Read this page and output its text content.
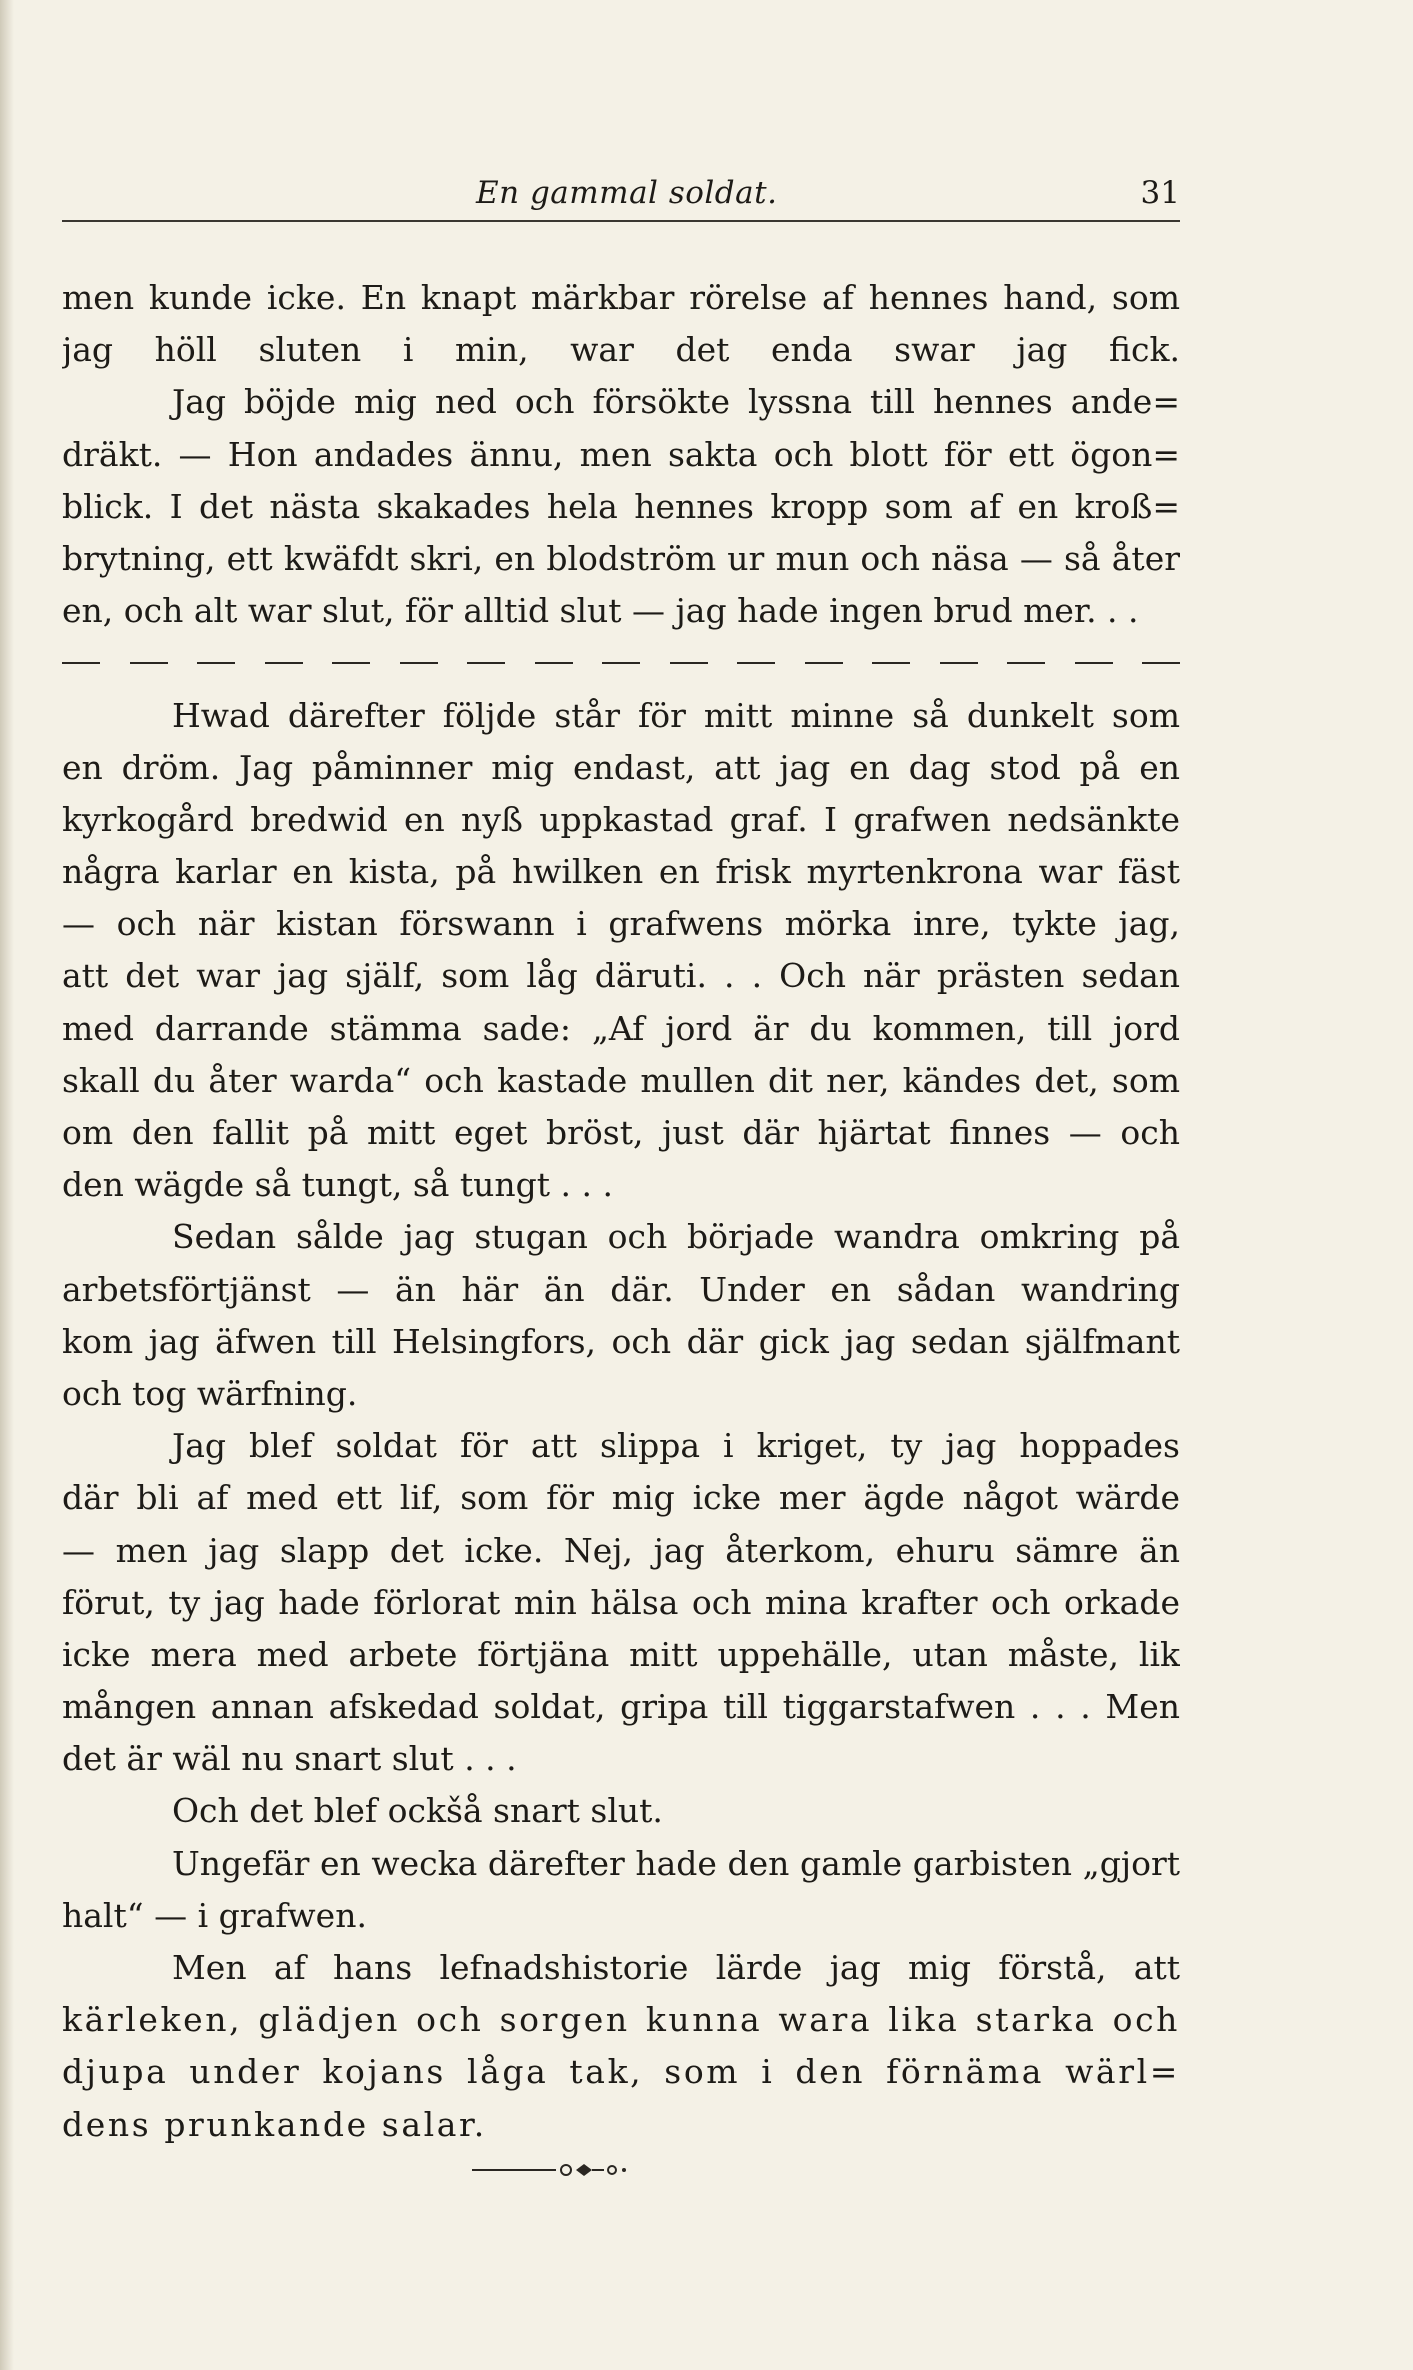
En gammal soldat.	31
men kunde icke. En knapt märkbar rörelse af hennes hand, som
jag höll sluten i min, war det enda swar jag fick.
Jag böjde mig ned och försökte lyssna till hennes ande=
dräkt. — Hon andades ännu, men sakta och blott för ett ögon=
blick. I det nästa skakades hela hennes kropp som af en kroß=
brytning, ett kwäfdt skri, en blodström ur mun och näsa — så åter
en, och alt war slut, för alltid slut — jag hade ingen brud mer. . .
Hwad därefter följde står för mitt minne så dunkelt som
en dröm. Jag påminner mig endast, att jag en dag stod på en
kyrkogård bredwid en nyß uppkastad graf. I grafwen nedsänkte
några karlar en kista, på hwilken en frisk myrtenkrona war fäst
— och när kistan förswann i grafwens mörka inre, tykte jag,
att det war jag själf, som låg däruti. . . Och när prästen sedan
med darrande stämma sade: „Af jord är du kommen, till jord
skall du åter warda“ och kastade mullen dit ner, kändes det, som
om den fallit på mitt eget bröst, just där hjärtat finnes — och
den wägde så tungt, så tungt . . .
Sedan sålde jag stugan och började wandra omkring på
arbetsförtjänst — än här än där. Under en sådan wandring
kom jag äfwen till Helsingfors, och där gick jag sedan själfmant
och tog wärfning.
Jag blef soldat för att slippa i kriget, ty jag hoppades
där bli af med ett lif, som för mig icke mer ägde något wärde
— men jag slapp det icke. Nej, jag återkom, ehuru sämre än
förut, ty jag hade förlorat min hälsa och mina krafter och orkade
icke mera med arbete förtjäna mitt uppehälle, utan måste, lik
mången annan afskedad soldat, gripa till tiggarstafwen . . . Men
det är wäl nu snart slut . . .
Och det blef ockšå snart slut.
Ungefär en wecka därefter hade den gamle garbisten „gjort
halt“ — i grafwen.
Men af hans lefnadshistorie lärde jag mig förstå, att
kärleken, glädjen och sorgen kunna wara lika starka och
djupa under kojans låga tak, som i den förnäma wärl=
dens prunkande salar.
